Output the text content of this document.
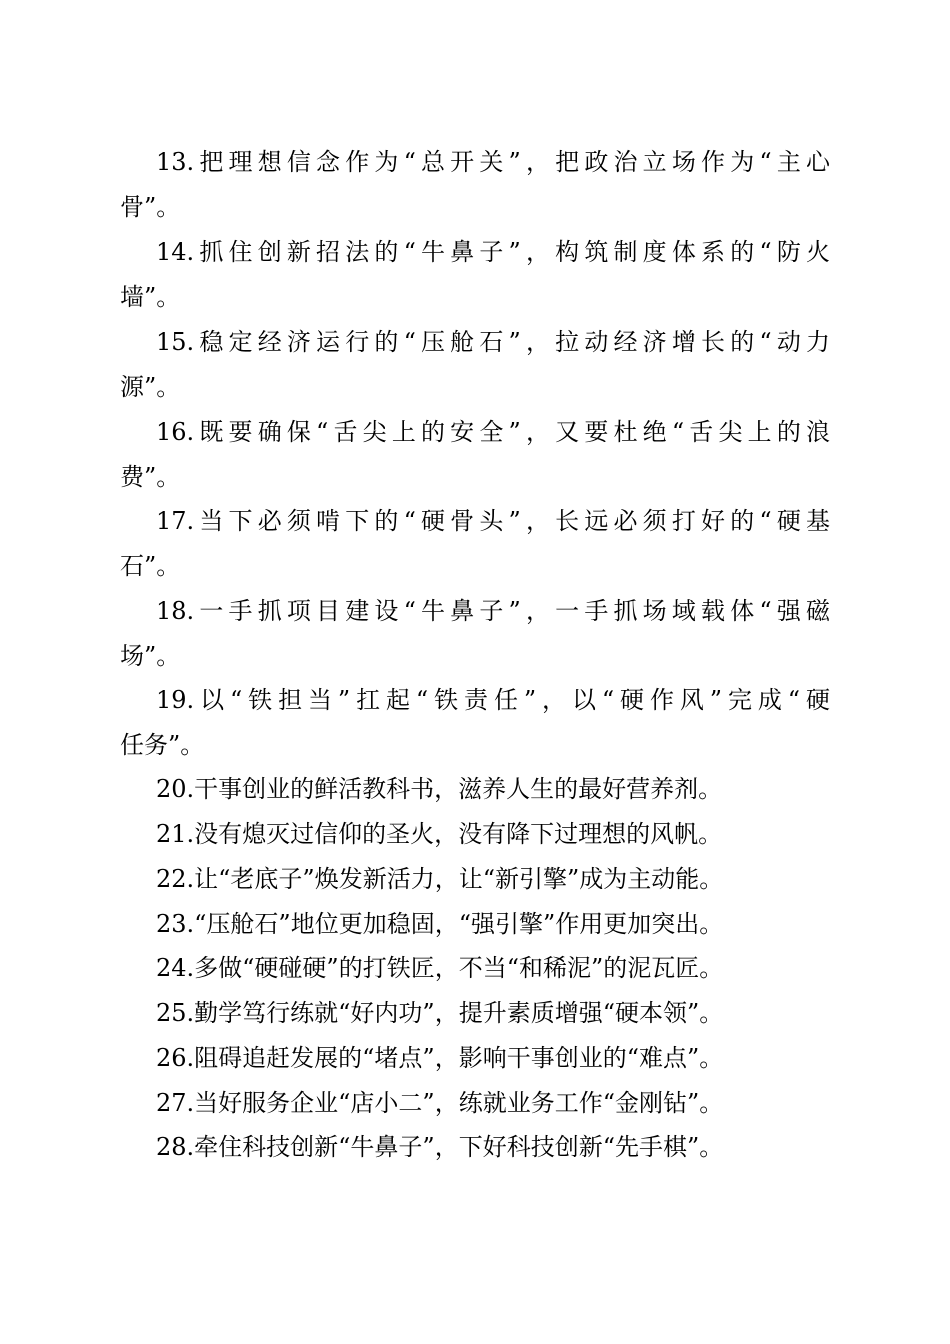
13.把理想信念作为“总开关”，把政治立场作为“主心
骨”。
14.抓住创新招法的“牛鼻子”，构筑制度体系的“防火
墙”。
15.稳定经济运行的“压舱石”，拉动经济增长的“动力
源”。
16.既要确保“舌尖上的安全”，又要杜绝“舌尖上的浪
费”。
17.当下必须啃下的“硬骨头”，长远必须打好的“硬基
石”。
18.一手抓项目建设“牛鼻子”，一手抓场域载体“强磁
场”。
19.以“铁担当”扛起“铁责任”，以“硬作风”完成“硬
任务”。
20.干事创业的鲜活教科书，滋养人生的最好营养剂。
21.没有熄灭过信仰的圣火，没有降下过理想的风帆。
22.让“老底子”焕发新活力，让“新引擎”成为主动能。
23.“压舱石”地位更加稳固，“强引擎”作用更加突出。
24.多做“硬碰硬”的打铁匠，不当“和稀泥”的泥瓦匠。
25.勤学笃行练就“好内功”，提升素质增强“硬本领”。
26.阻碍追赶发展的“堵点”，影响干事创业的“难点”。
27.当好服务企业“店小二”，练就业务工作“金刚钻”。
28.牵住科技创新“牛鼻子”，下好科技创新“先手棋”。
